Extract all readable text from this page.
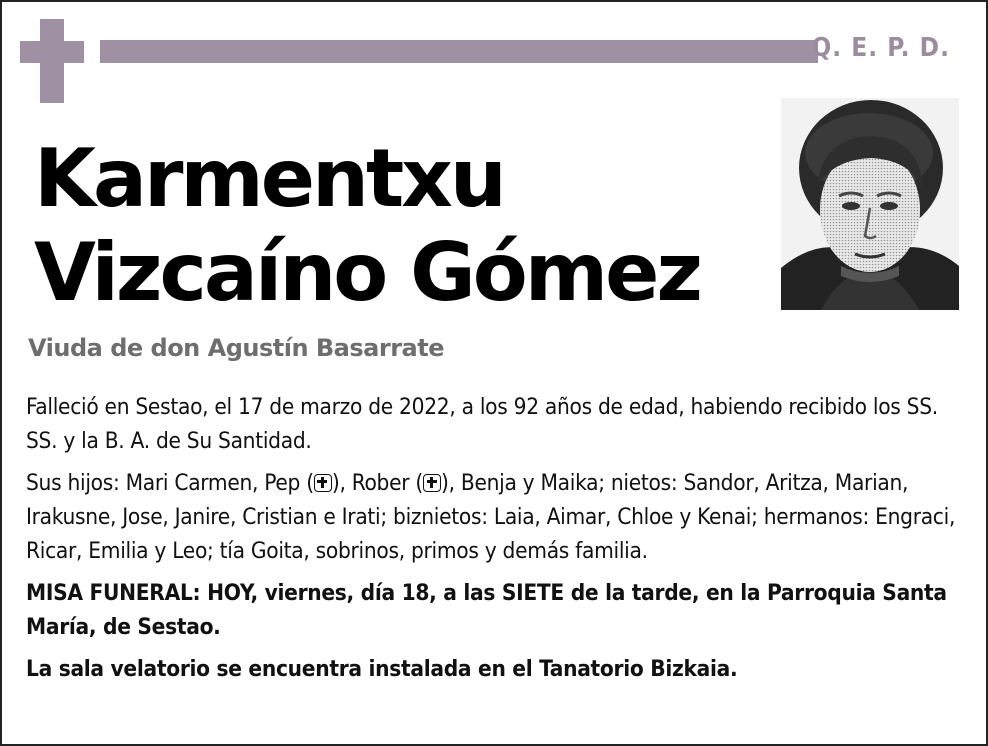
Q. E. P. D.
Karmentxu
Vizcaíno Gómez
Viuda de don Agustín Basarrate

Falleció en Sestao, el 17 de marzo de 2022, a los 92 años de edad, habiendo recibido los SS. SS. y la B. A. de Su Santidad.

Sus hijos: Mari Carmen, Pep ( ), Rober ( ), Benja y Maika; nietos: Sandor, Aritza, Marian, Irakusne, Jose, Janire, Cristian e Irati; biznietos: Laia, Aimar, Chloe y Kenai; hermanos: Engraci, Ricar, Emilia y Leo; tía Goita, sobrinos, primos y demás familia.

MISA FUNERAL: HOY, viernes, día 18, a las SIETE de la tarde, en la Parroquia Santa María, de Sestao.

La sala velatorio se encuentra instalada en el Tanatorio Bizkaia.
